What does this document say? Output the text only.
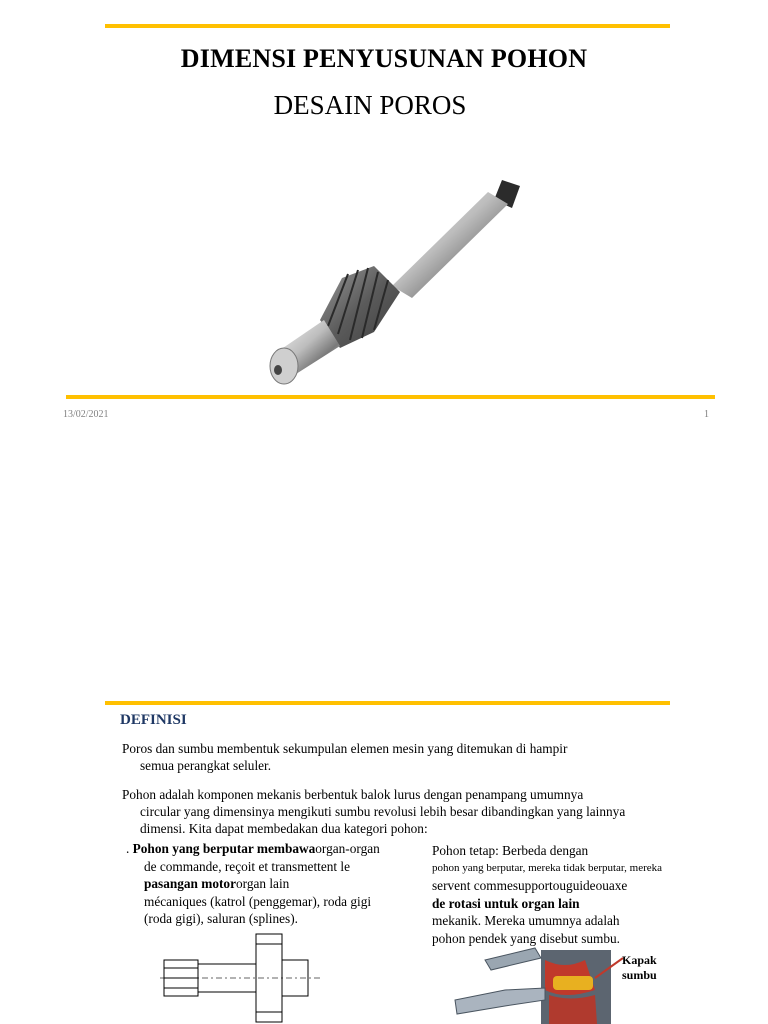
DIMENSI PENYUSUNAN POHON
DESAIN POROS
13/02/2021	1
DEFINISI
Poros dan sumbu membentuk sekumpulan elemen mesin yang ditemukan di hampir
semua perangkat seluler.
Pohon adalah komponen mekanis berbentuk balok lurus dengan penampang umumnya
circular yang dimensinya mengikuti sumbu revolusi lebih besar dibandingkan yang lainnya
dimensi. Kita dapat membedakan dua kategori pohon:
. Pohon yang berputar membawaorgan-organ
de commande, reçoit et transmettent le
pasangan motororgan lain
mécaniques (katrol (penggemar), roda gigi
(roda gigi), saluran (splines).
Pohon tetap: Berbeda dengan
pohon yang berputar, mereka tidak berputar, mereka
servent commesupportouguideouaxe
de rotasi untuk organ lain
mekanik. Mereka umumnya adalah
pohon pendek yang disebut sumbu.
Kapak
sumbu
